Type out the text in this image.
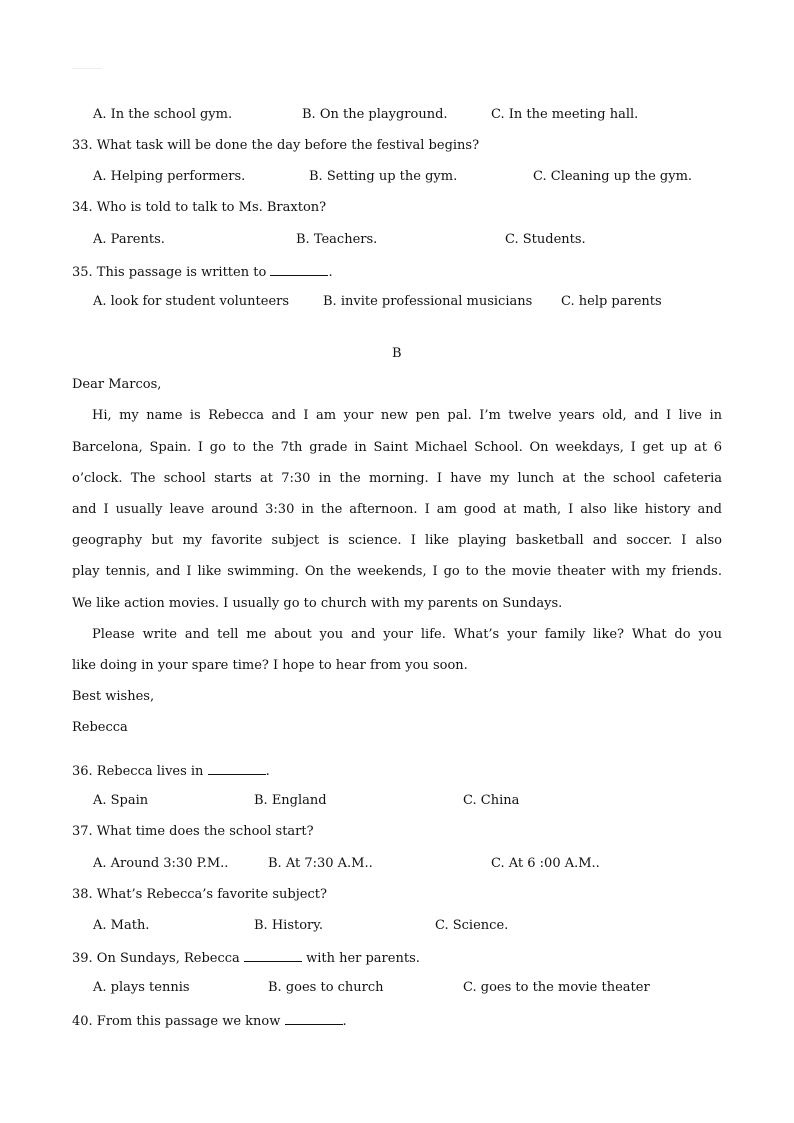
A. In the school gym.	B. On the playground.	C. In the meeting hall.
33. What task will be done the day before the festival begins?
A. Helping performers.	B. Setting up the gym.	C. Cleaning up the gym.
34. Who is told to talk to Ms. Braxton?
A. Parents.	B. Teachers.	C. Students.
35. This passage is written to	.
A. look for student volunteers	B. invite professional musicians C. help parents
B
Dear Marcos,
Hi, my name is Rebecca and I am your new pen pal. I’m twelve years old, and I live in
Barcelona, Spain. I go to the 7th grade in Saint Michael School. On weekdays, I get up at 6
o’clock. The school starts at 7:30 in the morning. I have my lunch at the school cafeteria
and I usually leave around 3:30 in the afternoon. I am good at math, I also like history and
geography but my favorite subject is science. I like playing basketball and soccer. I also
play tennis, and I like swimming. On the weekends, I go to the movie theater with my friends.
We like action movies. I usually go to church with my parents on Sundays.
Please write and tell me about you and your life. What’s your family like? What do you
like doing in your spare time? I hope to hear from you soon.
Best wishes,
Rebecca
36. Rebecca lives in	.
A. Spain	B. England	C. China
37. What time does the school start?
A. Around 3:30 P.M..	B. At 7:30 A.M..	C. At 6 :00 A.M..
38. What’s Rebecca’s favorite subject?
A. Math.	B. History.	C. Science.
39. On Sundays, Rebecca	with her parents.
A. plays tennis	B. goes to church	C. goes to the movie theater
40. From this passage we know	.
